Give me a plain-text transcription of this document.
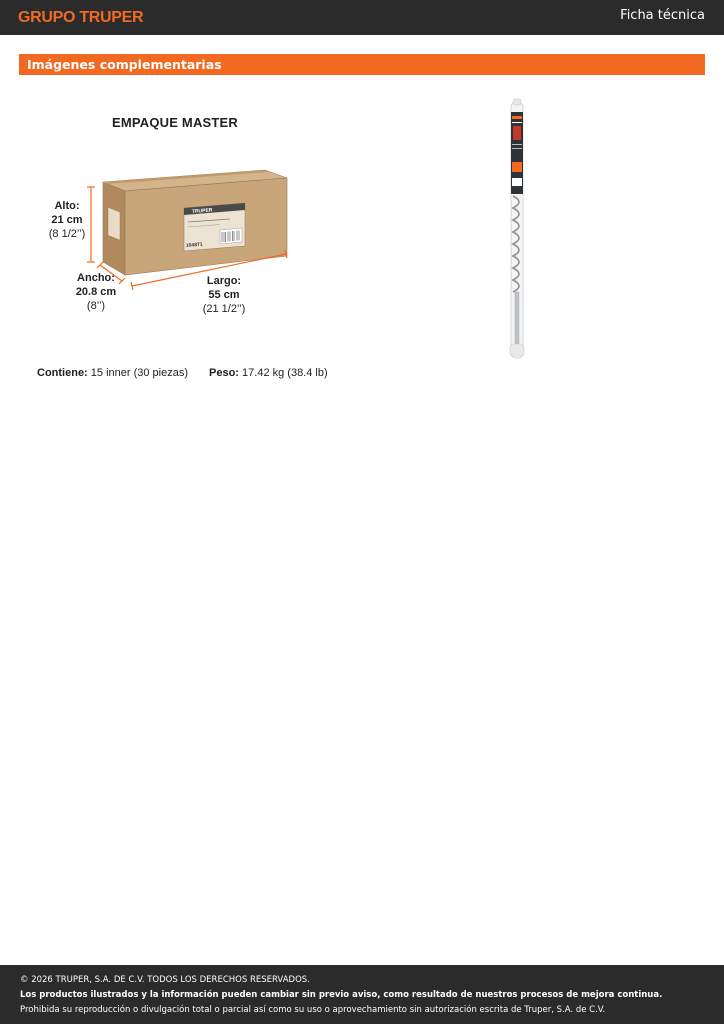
GRUPO TRUPER	Ficha técnica
Imágenes complementarias
EMPAQUE MASTER
Alto:
21 cm
(8 1/2’’)
Ancho:
20.8 cm
(8’’)
Largo:
55 cm
(21 1/2’’)
TRUPER
104871
Contiene: 15 inner (30 piezas) Peso: 17.42 kg (38.4 lb)

© 2026 TRUPER, S.A. DE C.V. TODOS LOS DERECHOS RESERVADOS.

Los productos ilustrados y la información pueden cambiar sin previo aviso, como resultado de nuestros procesos de mejora continua.

Prohibida su reproducción o divulgación total o parcial así como su uso o aprovechamiento sin autorización escrita de Truper, S.A. de C.V.
